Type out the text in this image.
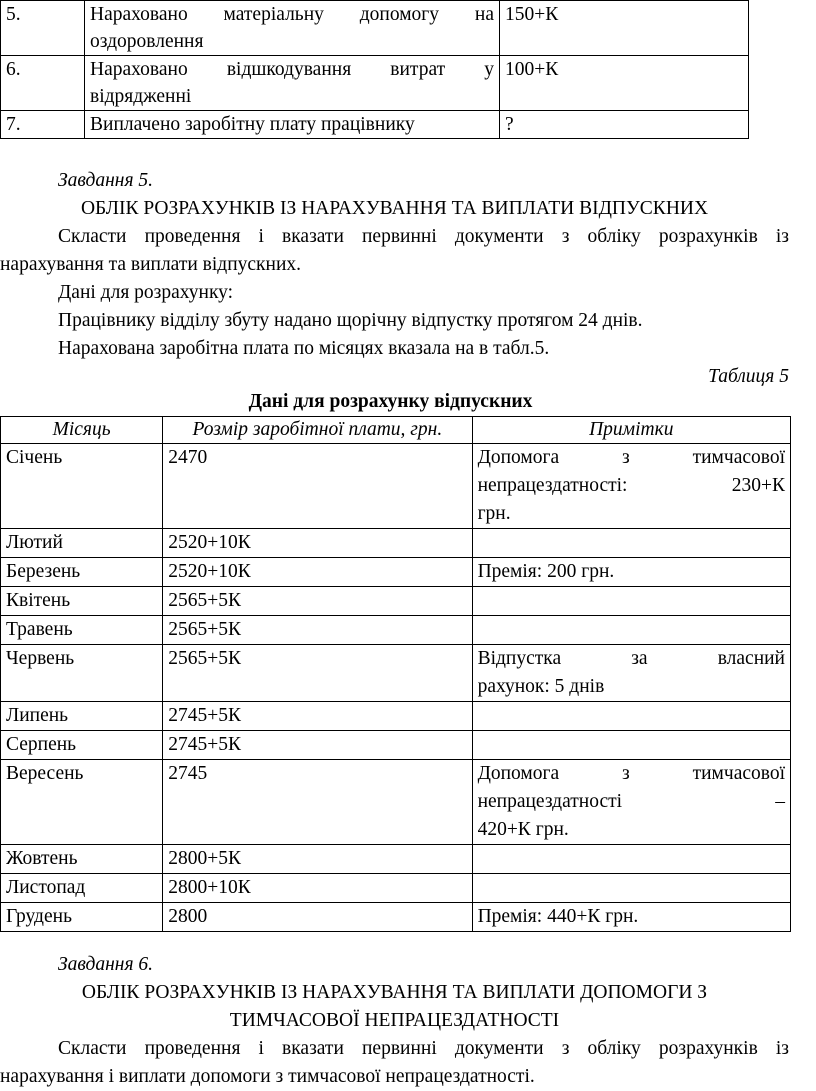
5.	Нараховано матеріальну допомогу на
оздоровлення	150+К
6.	Нараховано відшкодування витрат у
відрядженні	100+К
7.	Виплачено заробітну плату працівнику	?
Завдання 5.
ОБЛІК РОЗРАХУНКІВ ІЗ НАРАХУВАННЯ ТА ВИПЛАТИ ВІДПУСКНИХ
Скласти проведення і вказати первинні документи з обліку розрахунків із
нарахування та виплати відпускних.
Дані для розрахунку:
Працівнику відділу збуту надано щорічну відпустку протягом 24 днів.
Нарахована заробітна плата по місяцях вказала на в табл.5.
Таблиця 5
Дані для розрахунку відпускних
Місяць	Розмір заробітної плати, грн.	Примітки
Січень	2470	Допомога з тимчасової
непрацездатності: 230+К
грн.

Лютий	2520+10К	
Березень	2520+10К	Премія: 200 грн.

Квітень	2565+5К	
Травень	2565+5К	
Червень	2565+5К	Відпустка за власний
рахунок: 5 днів

Липень	2745+5К	
Серпень	2745+5К	
Вересень	2745	Допомога з тимчасової
непрацездатності –
420+К грн.

Жовтень	2800+5К	
Листопад	2800+10К	
Грудень	2800	Премія: 440+К грн.
Завдання 6.
ОБЛІК РОЗРАХУНКІВ ІЗ НАРАХУВАННЯ ТА ВИПЛАТИ ДОПОМОГИ З
ТИМЧАСОВОЇ НЕПРАЦЕЗДАТНОСТІ
Скласти проведення і вказати первинні документи з обліку розрахунків із
нарахування і виплати допомоги з тимчасової непрацездатності.
